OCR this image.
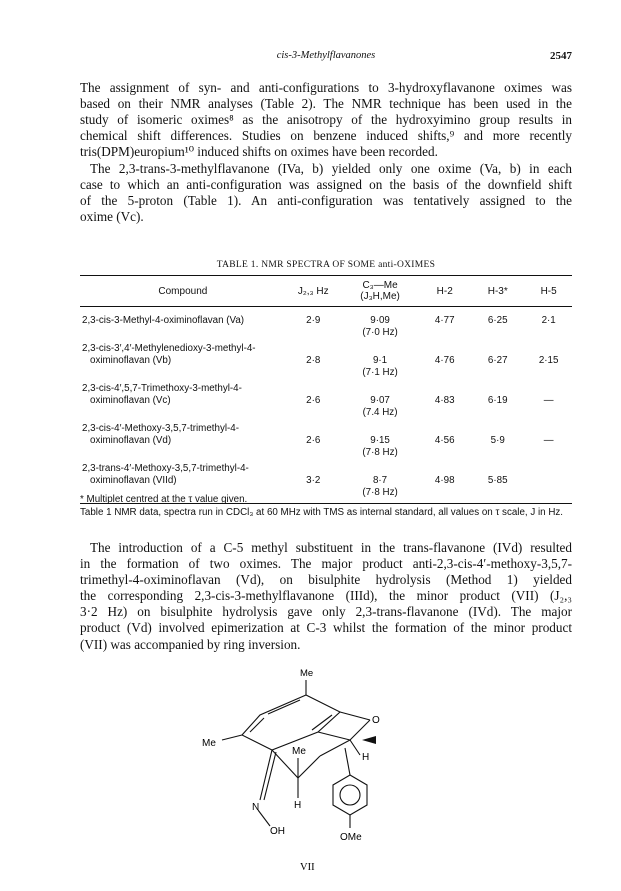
cis-3-Methylflavanones	2547
The assignment of syn- and anti-configurations to 3-hydroxyflavanone oximes was
based on their NMR analyses (Table 2). The NMR technique has been used in the
study of isomeric oximes⁸ as the anisotropy of the hydroxyimino group results in
chemical shift differences. Studies on benzene induced shifts,⁹ and more recently
tris(DPM)europium¹⁰ induced shifts on oximes have been recorded.
The 2,3-trans-3-methylflavanone (IVa, b) yielded only one oxime (Va, b) in each
case to which an anti-configuration was assigned on the basis of the downfield shift
of the 5-proton (Table 1). An anti-configuration was tentatively assigned to the
oxime (Vc).
TABLE 1. NMR SPECTRA OF SOME anti-OXIMES
Compound	J₂,₃ Hz	C₃—Me (J₃H,Me)	H-2	H-3*	H-5

2,3-cis-3-Methyl-4-oximinoflavan (Va)	2·9	9·09
(7·0 Hz)	4·77	6·25	2·1

2,3-cis-3′,4′-Methylenedioxy-3-methyl-4-
oximinoflavan (Vb)	2·8	9·1
(7·1 Hz)	4·76	6·27	2·15

2,3-cis-4′,5,7-Trimethoxy-3-methyl-4-
oximinoflavan (Vc)	2·6	9·07
(7.4 Hz)	4·83	6·19	—

2,3-cis-4′-Methoxy-3,5,7-trimethyl-4-
oximinoflavan (Vd)	2·6	9·15
(7·8 Hz)	4·56	5·9	—

2,3-trans-4′-Methoxy-3,5,7-trimethyl-4-
oximinoflavan (VIId)	3·2	8·7
(7·8 Hz)	4·98	5·85	
* Multiplet centred at the τ value given.
Table 1 NMR data, spectra run in CDCl₃ at 60 MHz with TMS as internal standard, all values on τ scale, J in Hz.
The introduction of a C-5 methyl substituent in the trans-flavanone (IVd) resulted
in the formation of two oximes. The major product anti-2,3-cis-4′-methoxy-3,5,7-
trimethyl-4-oximinoflavan (Vd), on bisulphite hydrolysis (Method 1) yielded
the corresponding 2,3-cis-3-methylflavanone (IIId), the minor product (VII) (J₂,₃
3·2 Hz) on bisulphite hydrolysis gave only 2,3-trans-flavanone (IVd). The major
product (Vd) involved epimerization at C-3 whilst the formation of the minor product
(VII) was accompanied by ring inversion.
Me
Me
Me
O
H
H
N
OH
OMe
VII
